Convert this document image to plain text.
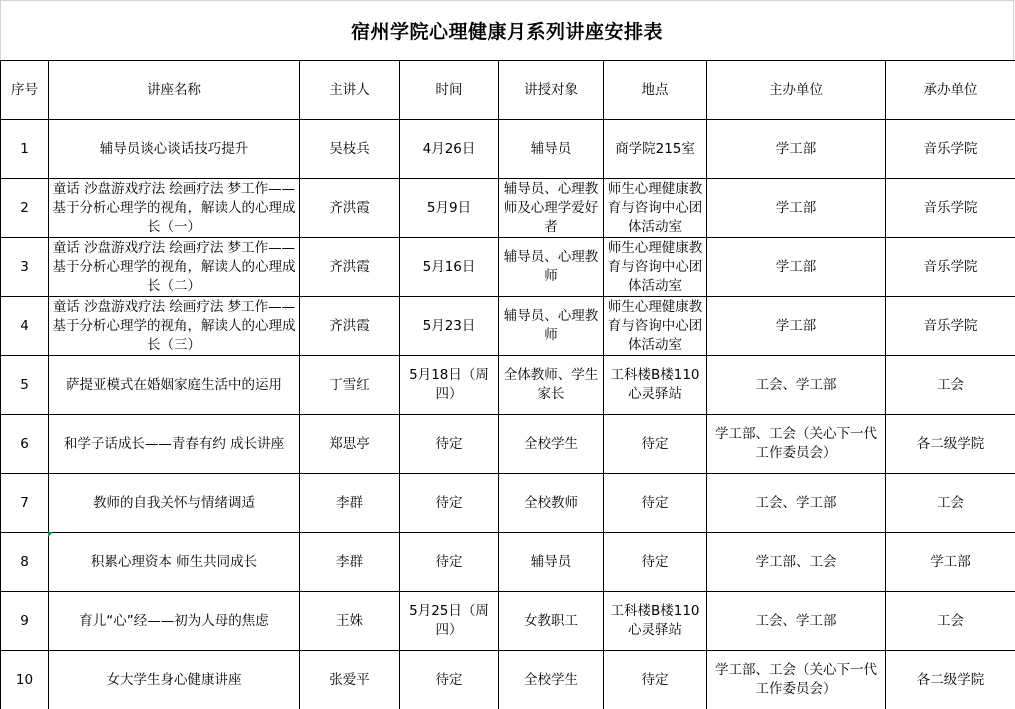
宿州学院心理健康月系列讲座安排表
序号	讲座名称	主讲人	时间	讲授对象	地点	主办单位	承办单位
1	辅导员谈心谈话技巧提升	吴枝兵	4月26日	辅导员	商学院215室	学工部	音乐学院
2	童话 沙盘游戏疗法 绘画疗法 梦工作——基于分析心理学的视角，解读人的心理成长（一）	齐洪霞	5月9日	辅导员、心理教师及心理学爱好者	师生心理健康教育与咨询中心团体活动室	学工部	音乐学院
3	童话 沙盘游戏疗法 绘画疗法 梦工作——基于分析心理学的视角，解读人的心理成长（二）	齐洪霞	5月16日	辅导员、心理教师	师生心理健康教育与咨询中心团体活动室	学工部	音乐学院
4	童话 沙盘游戏疗法 绘画疗法 梦工作——基于分析心理学的视角，解读人的心理成长（三）	齐洪霞	5月23日	辅导员、心理教师	师生心理健康教育与咨询中心团体活动室	学工部	音乐学院
5	萨提亚模式在婚姻家庭生活中的运用	丁雪红	5月18日（周四）	全体教师、学生家长	工科楼B楼110心灵驿站	工会、学工部	工会
6	和学子话成长——青春有约 成长讲座	郑思亭	待定	全校学生	待定	学工部、工会（关心下一代工作委员会）	各二级学院
7	教师的自我关怀与情绪调适	李群	待定	全校教师	待定	工会、学工部	工会
8	积累心理资本 师生共同成长	李群	待定	辅导员	待定	学工部、工会	学工部
9	育儿“心”经——初为人母的焦虑	王姝	5月25日（周四）	女教职工	工科楼B楼110心灵驿站	工会、学工部	工会
10	女大学生身心健康讲座	张爱平	待定	全校学生	待定	学工部、工会（关心下一代工作委员会）	各二级学院
